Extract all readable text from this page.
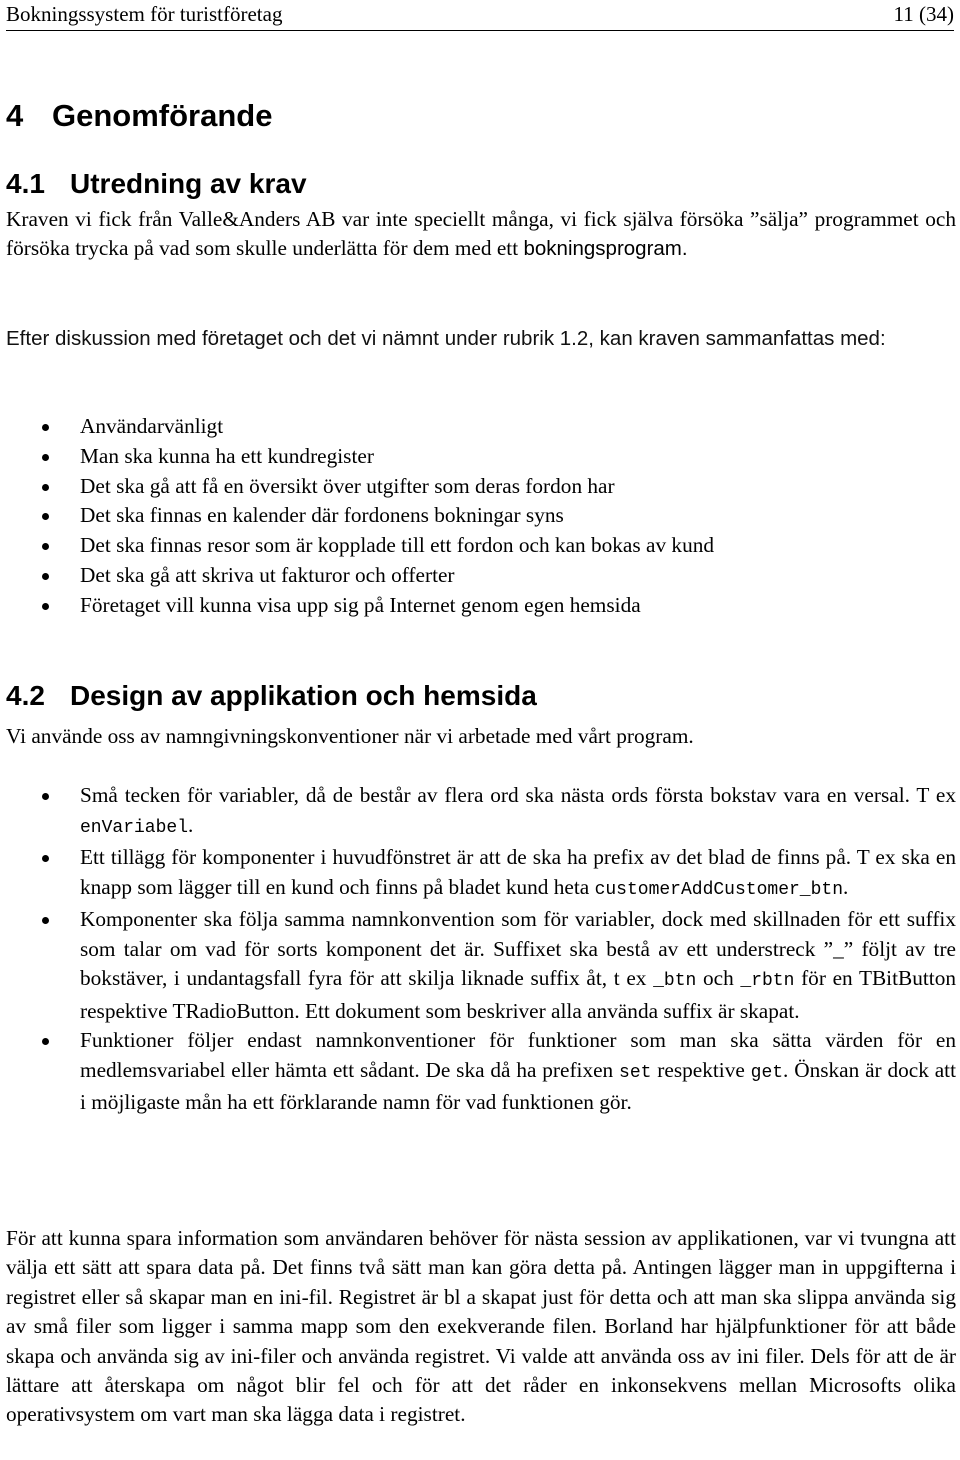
Bokningssystem för turistföretag	11 (34)
4 Genomförande
4.1 Utredning av krav

Kraven vi fick från Valle&Anders AB var inte speciellt många, vi fick själva försöka ”sälja” programmet och försöka trycka på vad som skulle underlätta för dem med ett bokningsprogram.

Efter diskussion med företaget och det vi nämnt under rubrik 1.2, kan kraven sammanfattas med:

Användarvänligt
Man ska kunna ha ett kundregister
Det ska gå att få en översikt över utgifter som deras fordon har
Det ska finnas en kalender där fordonens bokningar syns
Det ska finnas resor som är kopplade till ett fordon och kan bokas av kund
Det ska gå att skriva ut fakturor och offerter
Företaget vill kunna visa upp sig på Internet genom egen hemsida
4.2 Design av applikation och hemsida

Vi använde oss av namngivningskonventioner när vi arbetade med vårt program.

Små tecken för variabler, då de består av flera ord ska nästa ords första bokstav vara en versal. T ex enVariabel.
Ett tillägg för komponenter i huvudfönstret är att de ska ha prefix av det blad de finns på. T ex ska en knapp som lägger till en kund och finns på bladet kund heta customerAddCustomer_btn.
Komponenter ska följa samma namnkonvention som för variabler, dock med skillnaden för ett suffix som talar om vad för sorts komponent det är. Suffixet ska bestå av ett understreck ”_” följt av tre bokstäver, i undantagsfall fyra för att skilja liknade suffix åt, t ex _btn och _rbtn för en TBitButton respektive TRadioButton. Ett dokument som beskriver alla använda suffix är skapat.
Funktioner följer endast namnkonventioner för funktioner som man ska sätta värden för en medlemsvariabel eller hämta ett sådant. De ska då ha prefixen set respektive get. Önskan är dock att i möjligaste mån ha ett förklarande namn för vad funktionen gör.

För att kunna spara information som användaren behöver för nästa session av applikationen, var vi tvungna att välja ett sätt att spara data på. Det finns två sätt man kan göra detta på. Antingen lägger man in uppgifterna i registret eller så skapar man en ini-fil. Registret är bl a skapat just för detta och att man ska slippa använda sig av små filer som ligger i samma mapp som den exekverande filen. Borland har hjälpfunktioner för att både skapa och använda sig av ini-filer och använda registret. Vi valde att använda oss av ini filer. Dels för att de är lättare att återskapa om något blir fel och för att det råder en inkonsekvens mellan Microsofts olika operativsystem om vart man ska lägga data i registret.
